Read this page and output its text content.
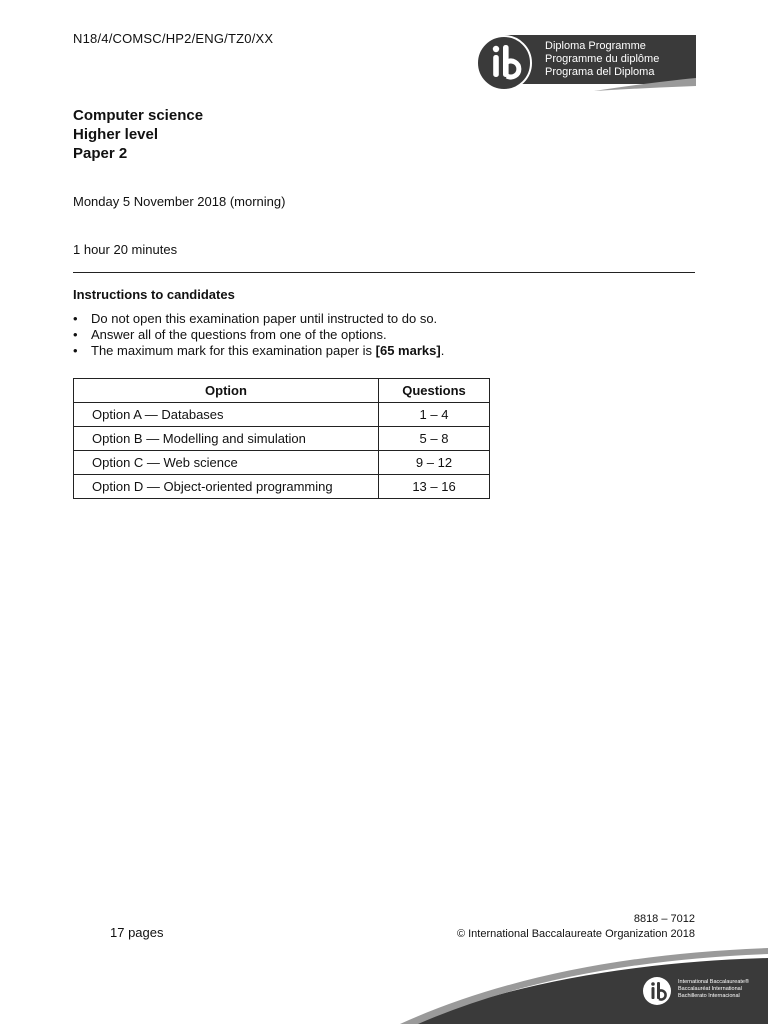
N18/4/COMSC/HP2/ENG/TZ0/XX	Diploma Programme
Programme du diplôme
Programa del Diploma
Computer science
Higher level
Paper 2
Monday 5 November 2018 (morning)
1 hour 20 minutes
Instructions to candidates
• Do not open this examination paper until instructed to do so.
• Answer all of the questions from one of the options.
• The maximum mark for this examination paper is [65 marks].
Option	Questions
Option A — Databases	1 – 4
Option B — Modelling and simulation	5 – 8
Option C — Web science	9 – 12
Option D — Object-oriented programming	13 – 16
17 pages
8818 – 7012
© International Baccalaureate Organization 2018
International Baccalaureate®
Baccalauréat International
Bachillerato Internacional
